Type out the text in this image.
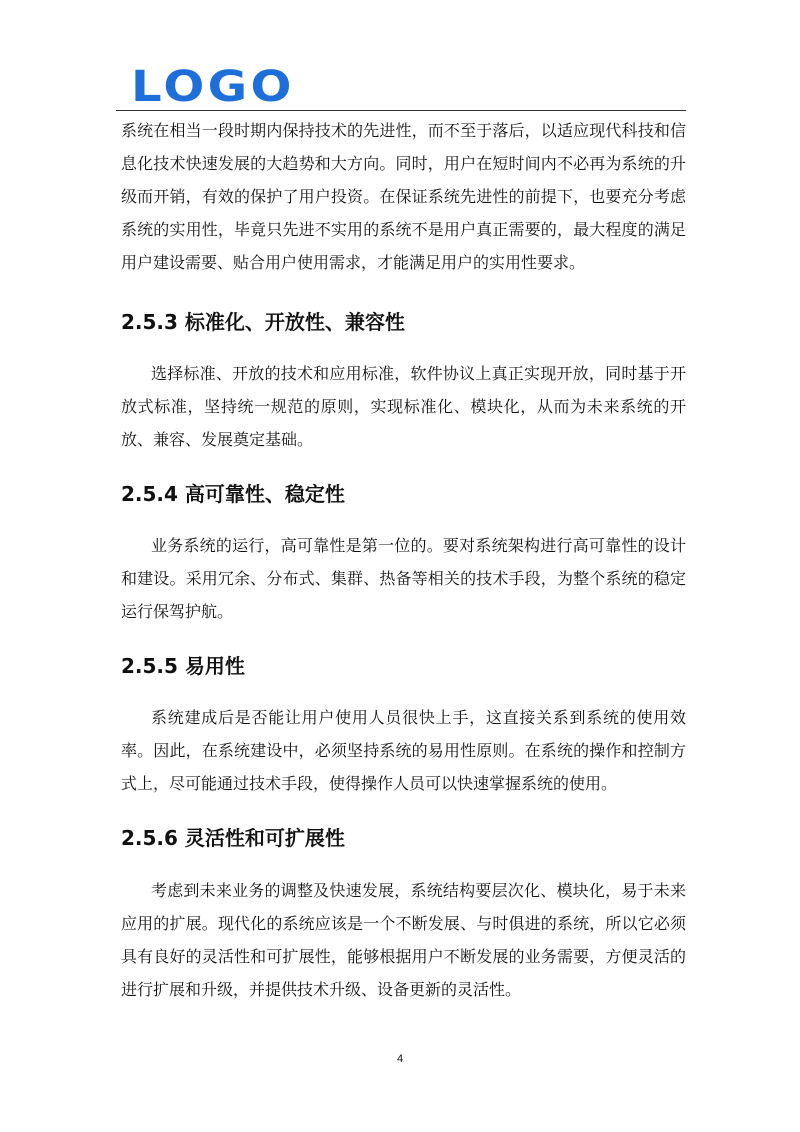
LOGO

系统在相当一段时期内保持技术的先进性，而不至于落后，以适应现代科技和信息化技术快速发展的大趋势和大方向。同时，用户在短时间内不必再为系统的升级而开销，有效的保护了用户投资。在保证系统先进性的前提下，也要充分考虑系统的实用性，毕竟只先进不实用的系统不是用户真正需要的，最大程度的满足用户建设需要、贴合用户使用需求，才能满足用户的实用性要求。

2.5.3 标准化、开放性、兼容性

选择标准、开放的技术和应用标准，软件协议上真正实现开放，同时基于开放式标准，坚持统一规范的原则，实现标准化、模块化，从而为未来系统的开放、兼容、发展奠定基础。

2.5.4 高可靠性、稳定性

业务系统的运行，高可靠性是第一位的。要对系统架构进行高可靠性的设计和建设。采用冗余、分布式、集群、热备等相关的技术手段，为整个系统的稳定运行保驾护航。

2.5.5 易用性

系统建成后是否能让用户使用人员很快上手，这直接关系到系统的使用效率。因此，在系统建设中，必须坚持系统的易用性原则。在系统的操作和控制方式上，尽可能通过技术手段，使得操作人员可以快速掌握系统的使用。

2.5.6 灵活性和可扩展性

考虑到未来业务的调整及快速发展，系统结构要层次化、模块化，易于未来应用的扩展。现代化的系统应该是一个不断发展、与时俱进的系统，所以它必须具有良好的灵活性和可扩展性，能够根据用户不断发展的业务需要，方便灵活的进行扩展和升级，并提供技术升级、设备更新的灵活性。

4
